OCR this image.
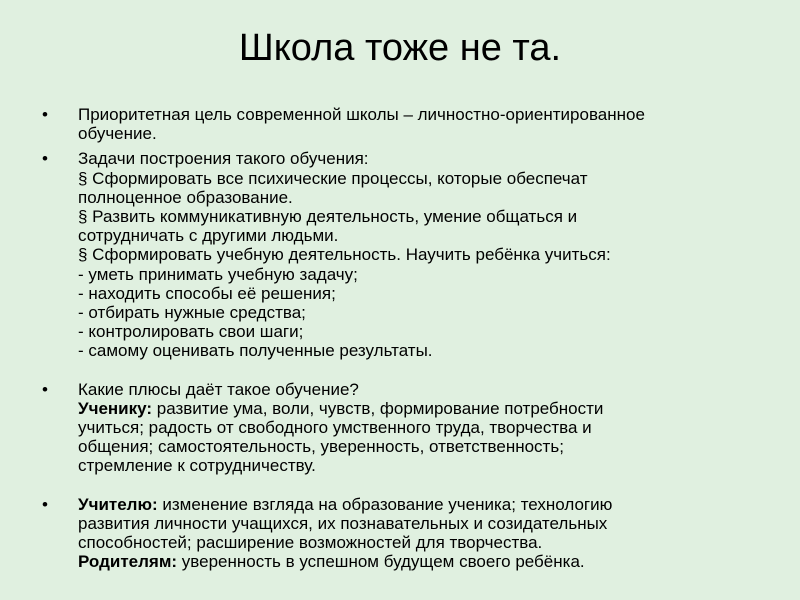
Школа тоже не та.
•	Приоритетная цель современной школы – личностно-ориентированное
обучение.
•	Задачи построения такого обучения:
§ Сформировать все психические процессы, которые обеспечат
полноценное образование.
§ Развить коммуникативную деятельность, умение общаться и
сотрудничать с другими людьми.
§ Сформировать учебную деятельность. Научить ребёнка учиться:
- уметь принимать учебную задачу;
- находить способы её решения;
- отбирать нужные средства;
- контролировать свои шаги;
- самому оценивать полученные результаты.
•	Какие плюсы даёт такое обучение?
Ученику: развитие ума, воли, чувств, формирование потребности
учиться; радость от свободного умственного труда, творчества и
общения; самостоятельность, уверенность, ответственность;
стремление к сотрудничеству.
•	Учителю: изменение взгляда на образование ученика; технологию
развития личности учащихся, их познавательных и созидательных
способностей; расширение возможностей для творчества.
Родителям: уверенность в успешном будущем своего ребёнка.
